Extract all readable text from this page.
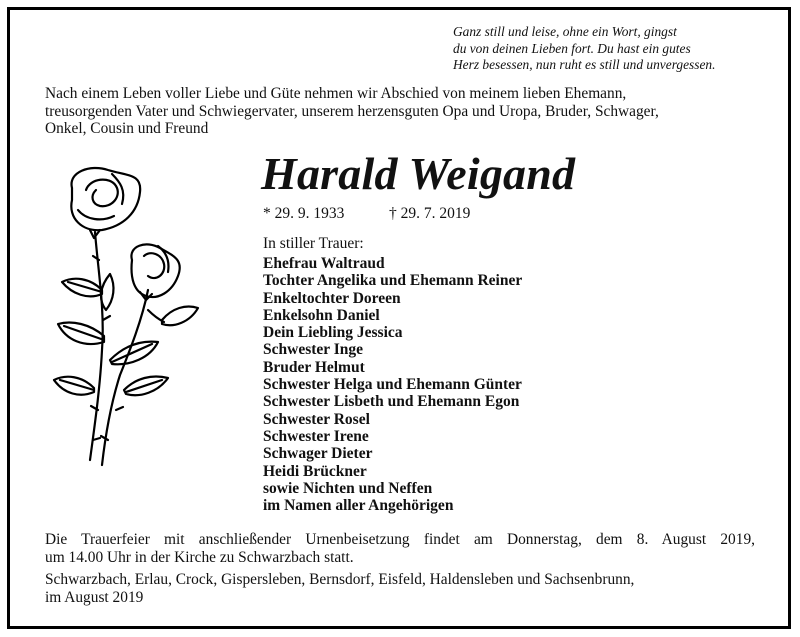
Ganz still und leise, ohne ein Wort, gingst
du von deinen Lieben fort. Du hast ein gutes
Herz besessen, nun ruht es still und unvergessen.
Nach einem Leben voller Liebe und Güte nehmen wir Abschied von meinem lieben Ehemann,
treusorgenden Vater und Schwiegervater, unserem herzensguten Opa und Uropa, Bruder, Schwager,
Onkel, Cousin und Freund
Harald Weigand
* 29. 9. 1933	† 29. 7. 2019
In stiller Trauer:
Ehefrau Waltraud
Tochter Angelika und Ehemann Reiner
Enkeltochter Doreen
Enkelsohn Daniel
Dein Liebling Jessica
Schwester Inge
Bruder Helmut
Schwester Helga und Ehemann Günter
Schwester Lisbeth und Ehemann Egon
Schwester Rosel
Schwester Irene
Schwager Dieter
Heidi Brückner
sowie Nichten und Neffen
im Namen aller Angehörigen
Die Trauerfeier mit anschließender Urnenbeisetzung findet am Donnerstag, dem 8. August 2019,
um 14.00 Uhr in der Kirche zu Schwarzbach statt.
Schwarzbach, Erlau, Crock, Gispersleben, Bernsdorf, Eisfeld, Haldensleben und Sachsenbrunn,
im August 2019
